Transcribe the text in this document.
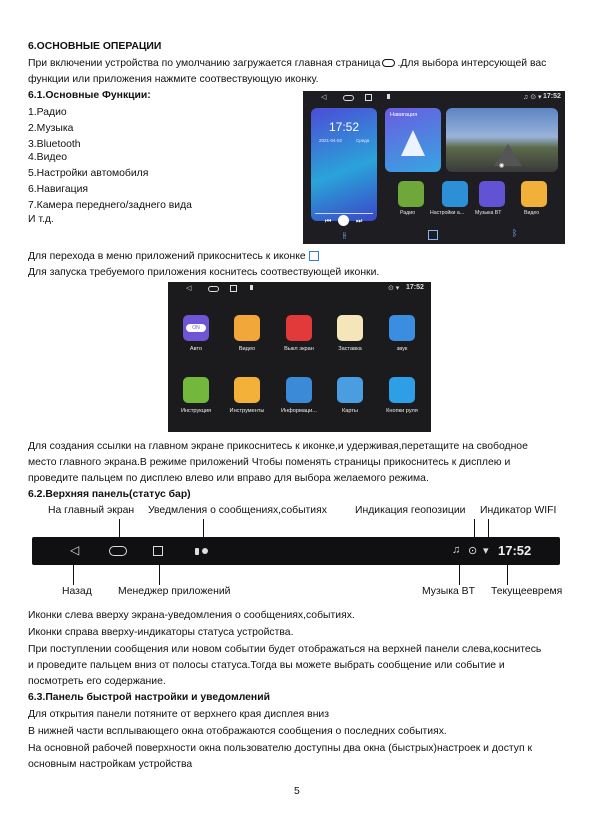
6.ОСНОВНЫЕ ОПЕРАЦИИ
При включении устройства по умолчанию загружается главная страница .Для выбора интерсующей вас
функции или приложения нажмите соотвествующую иконку.
6.1.Основные Функции:
1.Радио
2.Музыка
3.Bluetooth
4.Видео
5.Настройки автомобиля
6.Навигация
7.Камера переднего/заднего вида
И т.д.
◁	♫ ⊙ ▾ 17:52
17:52
2021-04-02	Среда
⏮	⏭
Навигация
◉
Радио	Настройки а... Музыка BT	Видео
⫲	ᛒ
Для перехода в меню приложений прикоснитесь к иконке
Для запуска требуемого приложения коснитесь соотвествующей иконки.
◁	⊙ ▾ 17:52
ON
Авто	Видео	Выкл экран	Заставка	звук
Инструкция	Инструменты	Информаци...	Карты	Кнопки руля
Для создания ссылки на главном экране прикоснитесь к иконке,и удерживая,перетащите на свободное
место главного экрана.В режиме приложений Чтобы поменять страницы прикоснитесь к дисплею и
проведите пальцем по дисплею влево или вправо для выбора желаемого режима.
6.2.Верхняя панель(статус бар)
На главный экран Уведмления о сообщениях,событиях	Индикация геопозиции Индикатор WIFI
◁	♫ ⊙ ▾ 17:52
Назад	Менеджер приложений	Музыка BT Текущеевремя
Иконки слева вверху экрана-уведомления о сообщениях,событиях.
Иконки справа вверху-индикаторы статуса устройства.
При поступлении сообщения или новом событии будет отображаться на верхней панели слева,коснитесь
и проведите пальцем вниз от полосы статуса.Тогда вы можете выбрать сообщение или событие и
посмотреть его содержание.
6.3.Панель быстрой настройки и уведомлений
Для открытия панели потяните от верхнего края дисплея вниз
В нижней части всплывающего окна отображаются сообщения о последних событиях.
На основной рабочей поверхности окна пользователю доступны два окна (быстрых)настроек и доступ к
основным настройкам устройства
5
